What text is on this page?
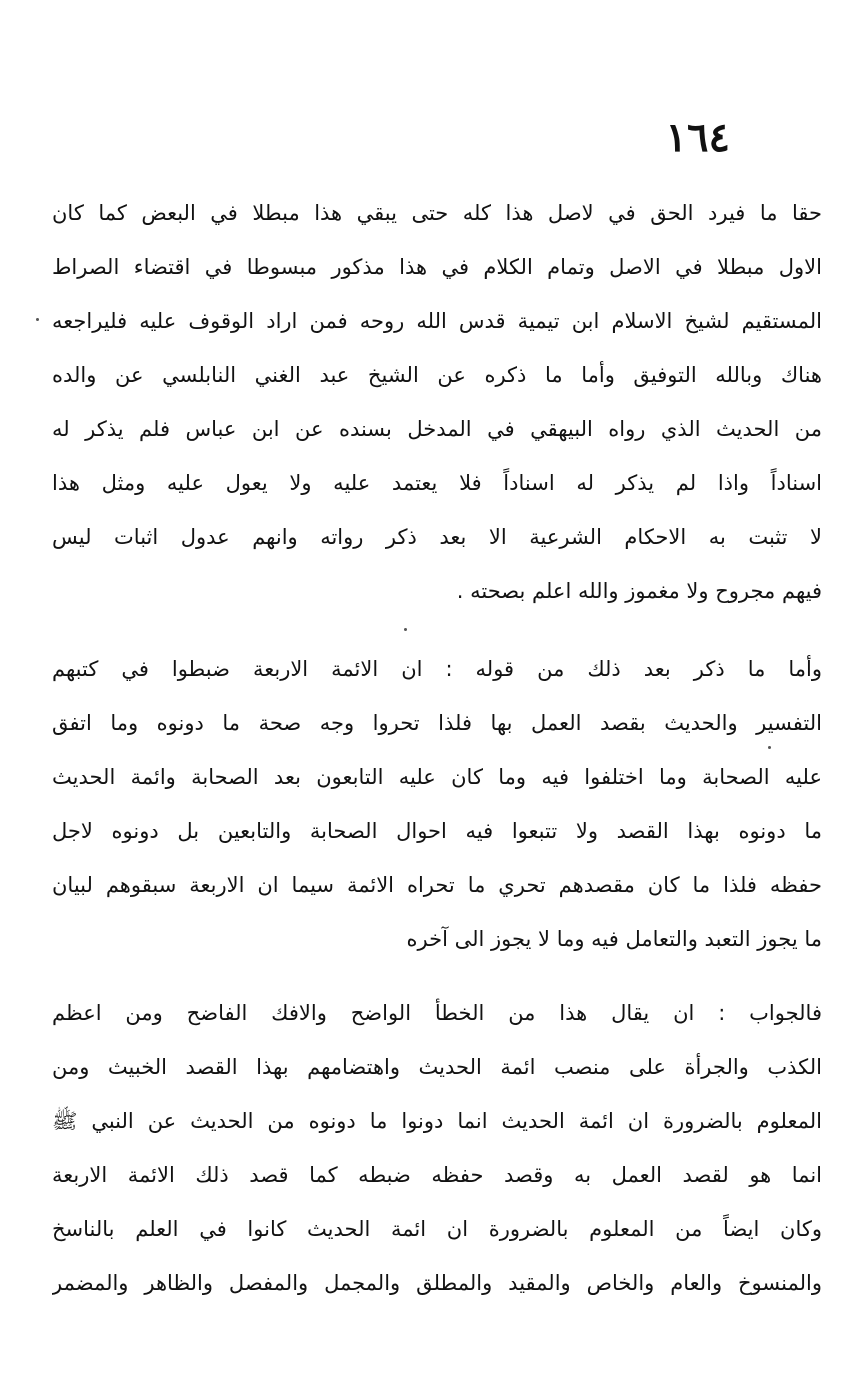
١٦٤
حقا ما فيرد الحق في لاصل هذا كله حتى يبقي هذا مبطلا في البعض كما كان
الاول مبطلا في الاصل وتمام الكلام في هذا مذكور مبسوطا في اقتضاء الصراط
المستقيم لشيخ الاسلام ابن تيمية قدس الله روحه فمن اراد الوقوف عليه فليراجعه
هناك وبالله التوفيق وأما ما ذكره عن الشيخ عبد الغني النابلسي عن والده
من الحديث الذي رواه البيهقي في المدخل بسنده عن ابن عباس فلم يذكر له
اسناداً واذا لم يذكر له اسناداً فلا يعتمد عليه ولا يعول عليه ومثل هذا
لا تثبت به الاحكام الشرعية الا بعد ذكر رواته وانهم عدول اثبات ليس
فيهم مجروح ولا مغموز والله اعلم بصحته .
وأما ما ذكر بعد ذلك من قوله : ان الائمة الاربعة ضبطوا في كتبهم
التفسير والحديث بقصد العمل بها فلذا تحروا وجه صحة ما دونوه وما اتفق
عليه الصحابة وما اختلفوا فيه وما كان عليه التابعون بعد الصحابة وائمة الحديث
ما دونوه بهذا القصد ولا تتبعوا فيه احوال الصحابة والتابعين بل دونوه لاجل
حفظه فلذا ما كان مقصدهم تحري ما تحراه الائمة سيما ان الاربعة سبقوهم لبيان
ما يجوز التعبد والتعامل فيه وما لا يجوز الى آخره
فالجواب : ان يقال هذا من الخطأ الواضح والافك الفاضح ومن اعظم
الكذب والجرأة على منصب ائمة الحديث واهتضامهم بهذا القصد الخبيث ومن
المعلوم بالضرورة ان ائمة الحديث انما دونوا ما دونوه من الحديث عن النبي ﷺ
انما هو لقصد العمل به وقصد حفظه ضبطه كما قصد ذلك الائمة الاربعة
وكان ايضاً من المعلوم بالضرورة ان ائمة الحديث كانوا في العلم بالناسخ
والمنسوخ والعام والخاص والمقيد والمطلق والمجمل والمفصل والظاهر والمضمر
